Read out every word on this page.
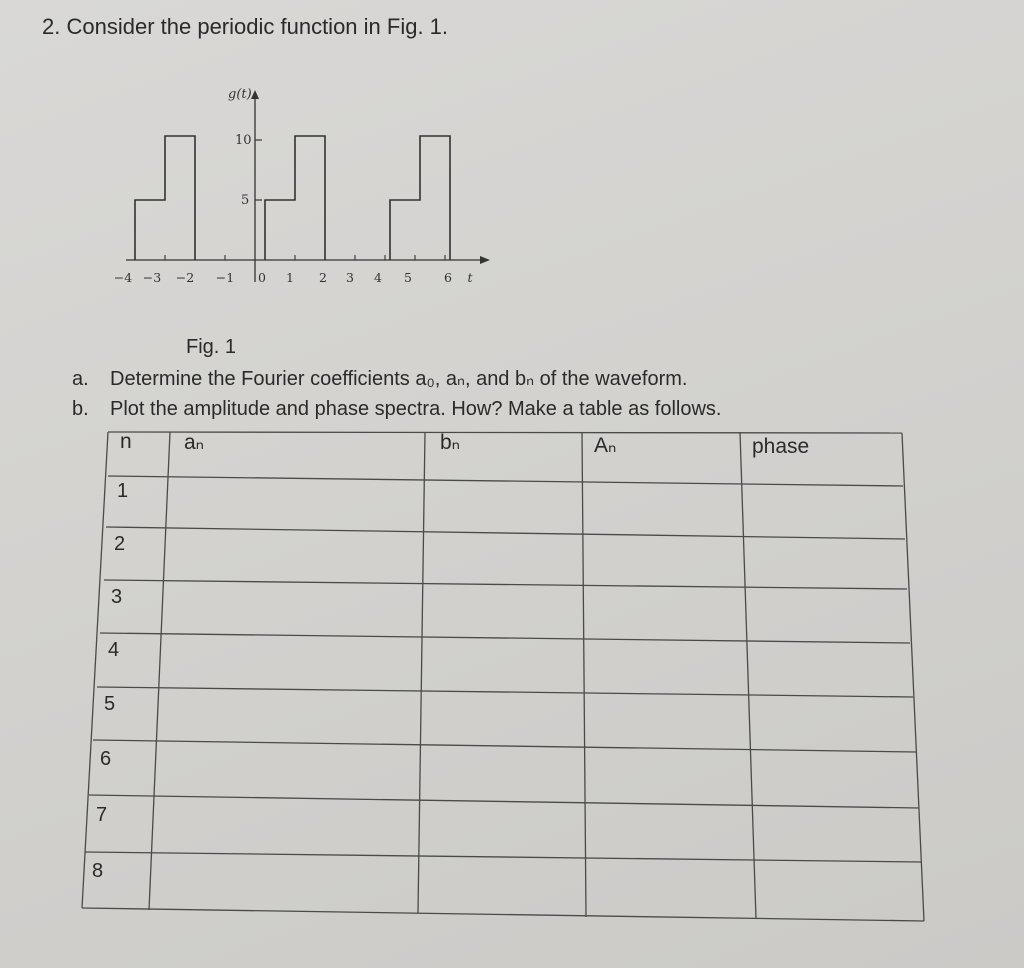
2. Consider the periodic function in Fig. 1.
g(t)
10
5
−4 −3 −2 −1 0 1 2 3 4 5	6 t
Fig. 1
a. Determine the Fourier coefficients a₀, aₙ, and bₙ of the waveform.
b. Plot the amplitude and phase spectra. How? Make a table as follows.
n aₙ	bₙ	Aₙ	phase
1
2
3
4
5
6
7
8
